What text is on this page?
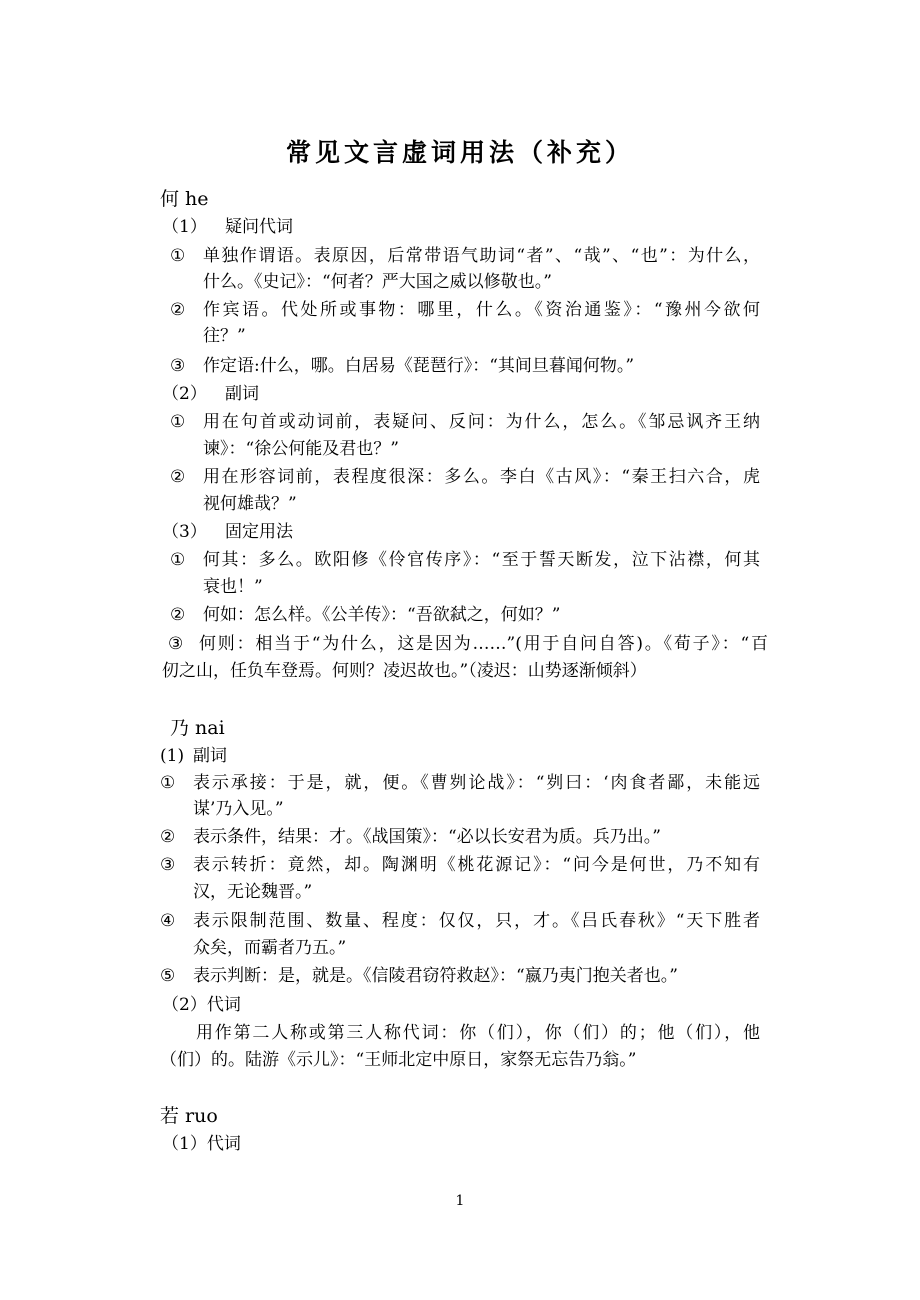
常见文言虚词用法（补充）
何 he
（1） 疑问代词
① 单独作谓语。表原因，后常带语气助词“者”、“哉”、“也”：为什么，
什么。《史记》：“何者？严大国之威以修敬也。”
② 作宾语。代处所或事物：哪里，什么。《资治通鉴》：“豫州今欲何
往？”
③ 作定语:什么，哪。白居易《琵琶行》：“其间旦暮闻何物。”
（2） 副词
① 用在句首或动词前，表疑问、反问：为什么，怎么。《邹忌讽齐王纳
谏》：“徐公何能及君也？”
② 用在形容词前，表程度很深：多么。李白《古风》：“秦王扫六合，虎
视何雄哉？”
（3） 固定用法
① 何其：多么。欧阳修《伶官传序》：“至于誓天断发，泣下沾襟，何其
衰也！”
② 何如：怎么样。《公羊传》：“吾欲弑之，何如？”
③ 何则：相当于“为什么，这是因为……”(用于自问自答)。《荀子》：“百
仞之山，任负车登焉。何则？凌迟故也。”（凌迟：山势逐渐倾斜）
乃 nai
(1) 副词
① 表示承接：于是，就，便。《曹刿论战》：“刿曰：‘肉食者鄙，未能远
谋’乃入见。”
② 表示条件，结果：才。《战国策》：“必以长安君为质。兵乃出。”
③ 表示转折：竟然，却。陶渊明《桃花源记》：“问今是何世，乃不知有
汉，无论魏晋。”
④ 表示限制范围、数量、程度：仅仅，只，才。《吕氏春秋》“天下胜者
众矣，而霸者乃五。”
⑤ 表示判断：是，就是。《信陵君窃符救赵》：“嬴乃夷门抱关者也。”
（2）代词
用作第二人称或第三人称代词：你（们），你（们）的；他（们），他
（们）的。陆游《示儿》：“王师北定中原日，家祭无忘告乃翁。”
若 ruo
（1）代词
1
